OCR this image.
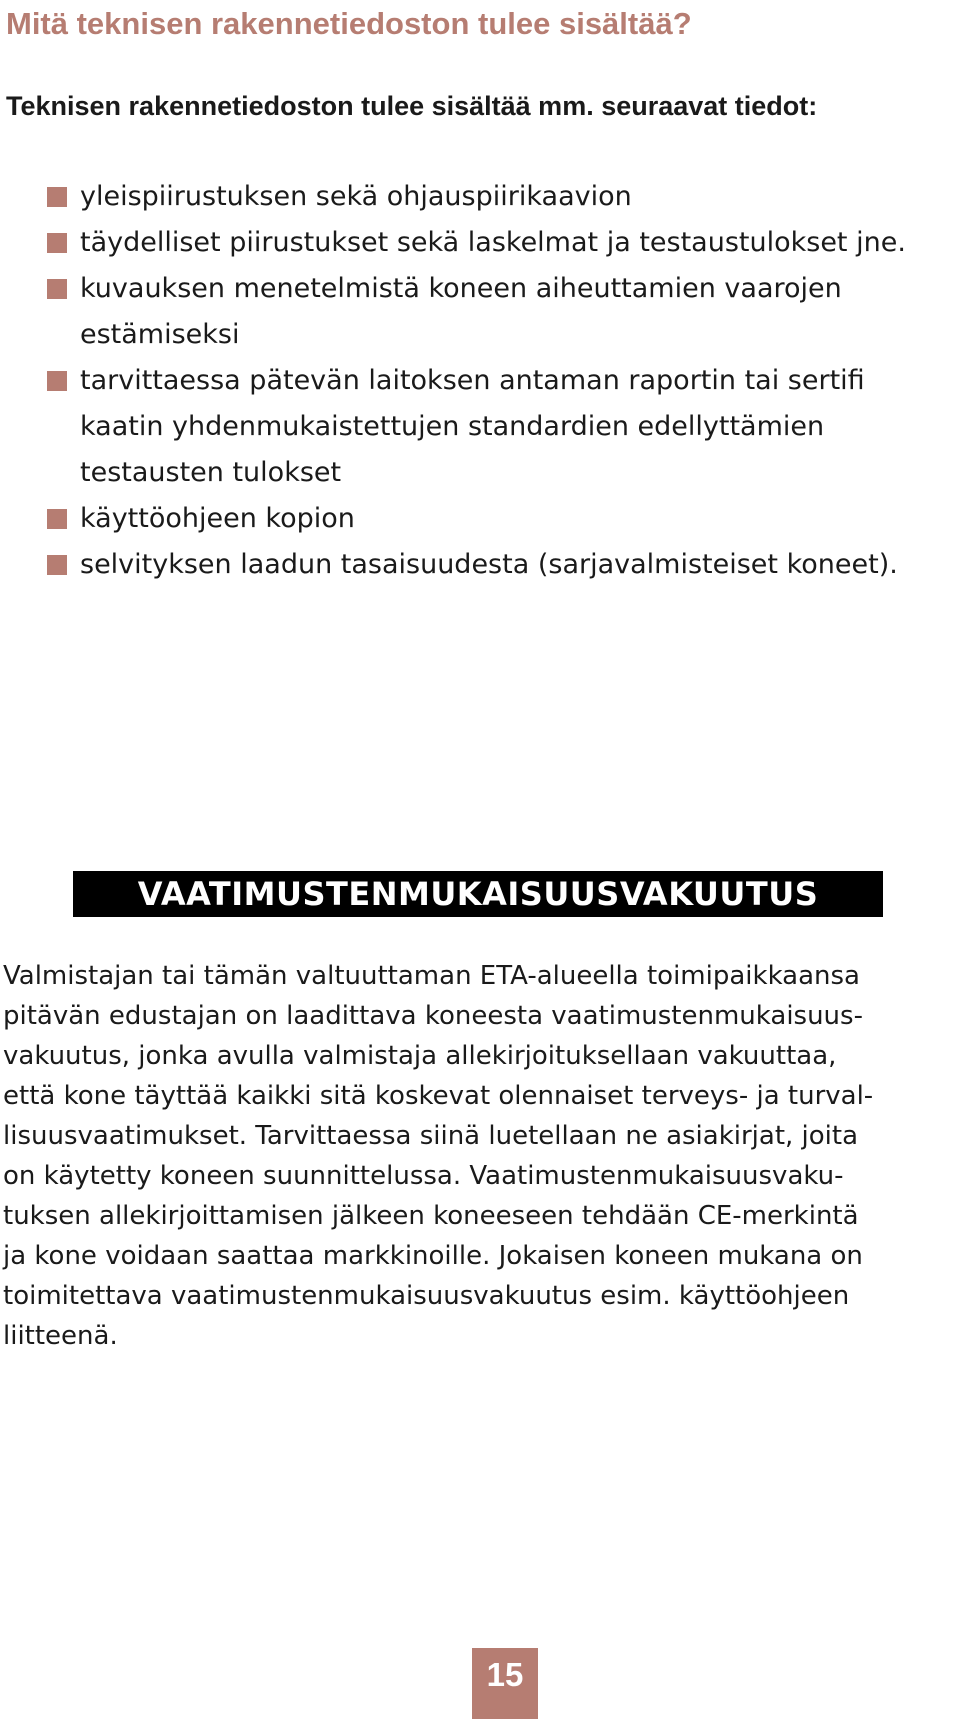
Mitä teknisen rakennetiedoston tulee sisältää?

Teknisen rakennetiedoston tulee sisältää mm. seuraavat tiedot:

yleispiirustuksen sekä ohjauspiirikaavion
täydelliset piirustukset sekä laskelmat ja testaustulokset jne.
kuvauksen menetelmistä koneen aiheuttamien vaarojen
estämiseksi
tarvittaessa pätevän laitoksen antaman raportin tai sertifi
kaatin yhdenmukaistettujen standardien edellyttämien
testausten tulokset
käyttöohjeen kopion
selvityksen laadun tasaisuudesta (sarjavalmisteiset koneet).
VAATIMUSTENMUKAISUUSVAKUUTUS

Valmistajan tai tämän valtuuttaman ETA-alueella toimipaikkaansa
pitävän edustajan on laadittava koneesta vaatimustenmukaisuus-
vakuutus, jonka avulla valmistaja allekirjoituksellaan vakuuttaa,
että kone täyttää kaikki sitä koskevat olennaiset terveys- ja turval-
lisuusvaatimukset. Tarvittaessa siinä luetellaan ne asiakirjat, joita
on käytetty koneen suunnittelussa. Vaatimustenmukaisuusvaku-
tuksen allekirjoittamisen jälkeen koneeseen tehdään CE-merkintä
ja kone voidaan saattaa markkinoille. Jokaisen koneen mukana on
toimitettava vaatimustenmukaisuusvakuutus esim. käyttöohjeen
liitteenä.

15
